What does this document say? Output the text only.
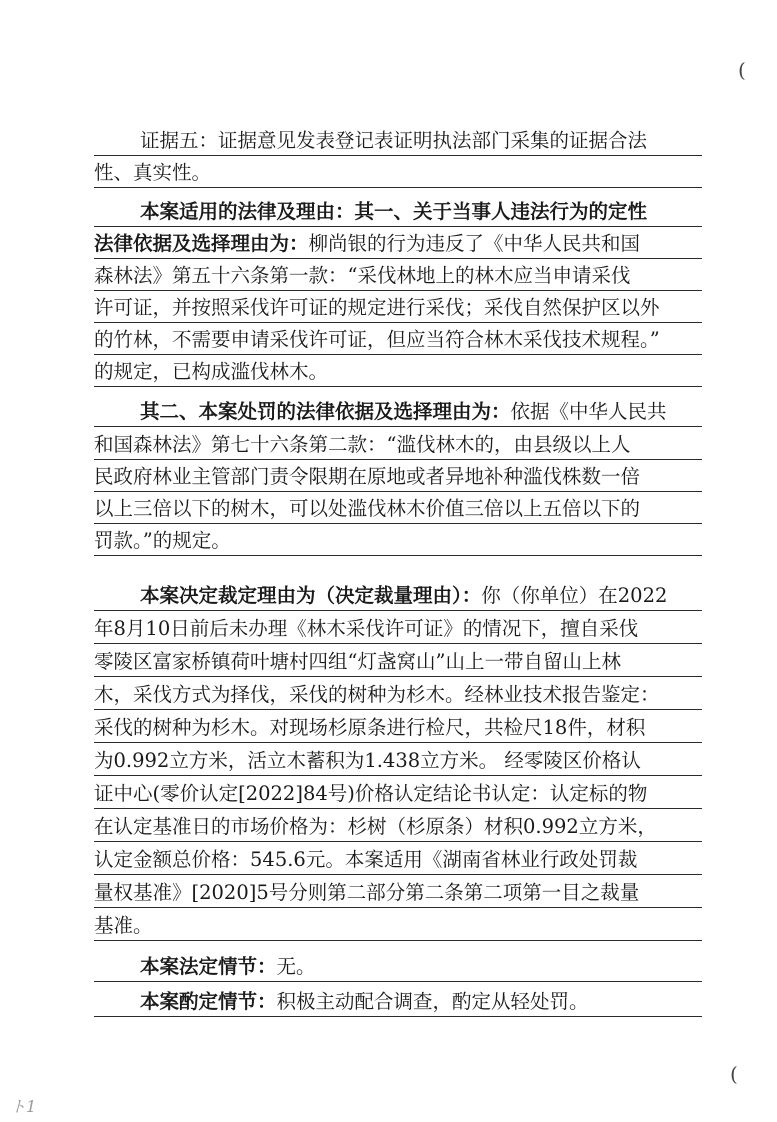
(
证据五：证据意见发表登记表证明执法部门采集的证据合法
性、真实性。
本案适用的法律及理由：其一、关于当事人违法行为的定性
法律依据及选择理由为：柳尚银的行为违反了《中华人民共和国
森林法》第五十六条第一款：“采伐林地上的林木应当申请采伐
许可证，并按照采伐许可证的规定进行采伐；采伐自然保护区以外
的竹林，不需要申请采伐许可证，但应当符合林木采伐技术规程。”
的规定，已构成滥伐林木。
其二、本案处罚的法律依据及选择理由为：依据《中华人民共
和国森林法》第七十六条第二款：“滥伐林木的，由县级以上人
民政府林业主管部门责令限期在原地或者异地补种滥伐株数一倍
以上三倍以下的树木，可以处滥伐林木价值三倍以上五倍以下的
罚款。”的规定。
本案决定裁定理由为（决定裁量理由）：你（你单位）在2022
年8月10日前后未办理《林木采伐许可证》的情况下，擅自采伐
零陵区富家桥镇荷叶塘村四组“灯盏窝山”山上一带自留山上林
木，采伐方式为择伐，采伐的树种为杉木。经林业技术报告鉴定：
采伐的树种为杉木。对现场杉原条进行检尺，共检尺18件，材积
为0.992立方米，活立木蓄积为1.438立方米。 经零陵区价格认
证中心(零价认定[2022]84号)价格认定结论书认定：认定标的物
在认定基准日的市场价格为：杉树（杉原条）材积0.992立方米，
认定金额总价格：545.6元。本案适用《湖南省林业行政处罚裁
量权基准》[2020]5号分则第二部分第二条第二项第一目之裁量
基准。
本案法定情节：无。
本案酌定情节：积极主动配合调查，酌定从轻处罚。
(
ト1
